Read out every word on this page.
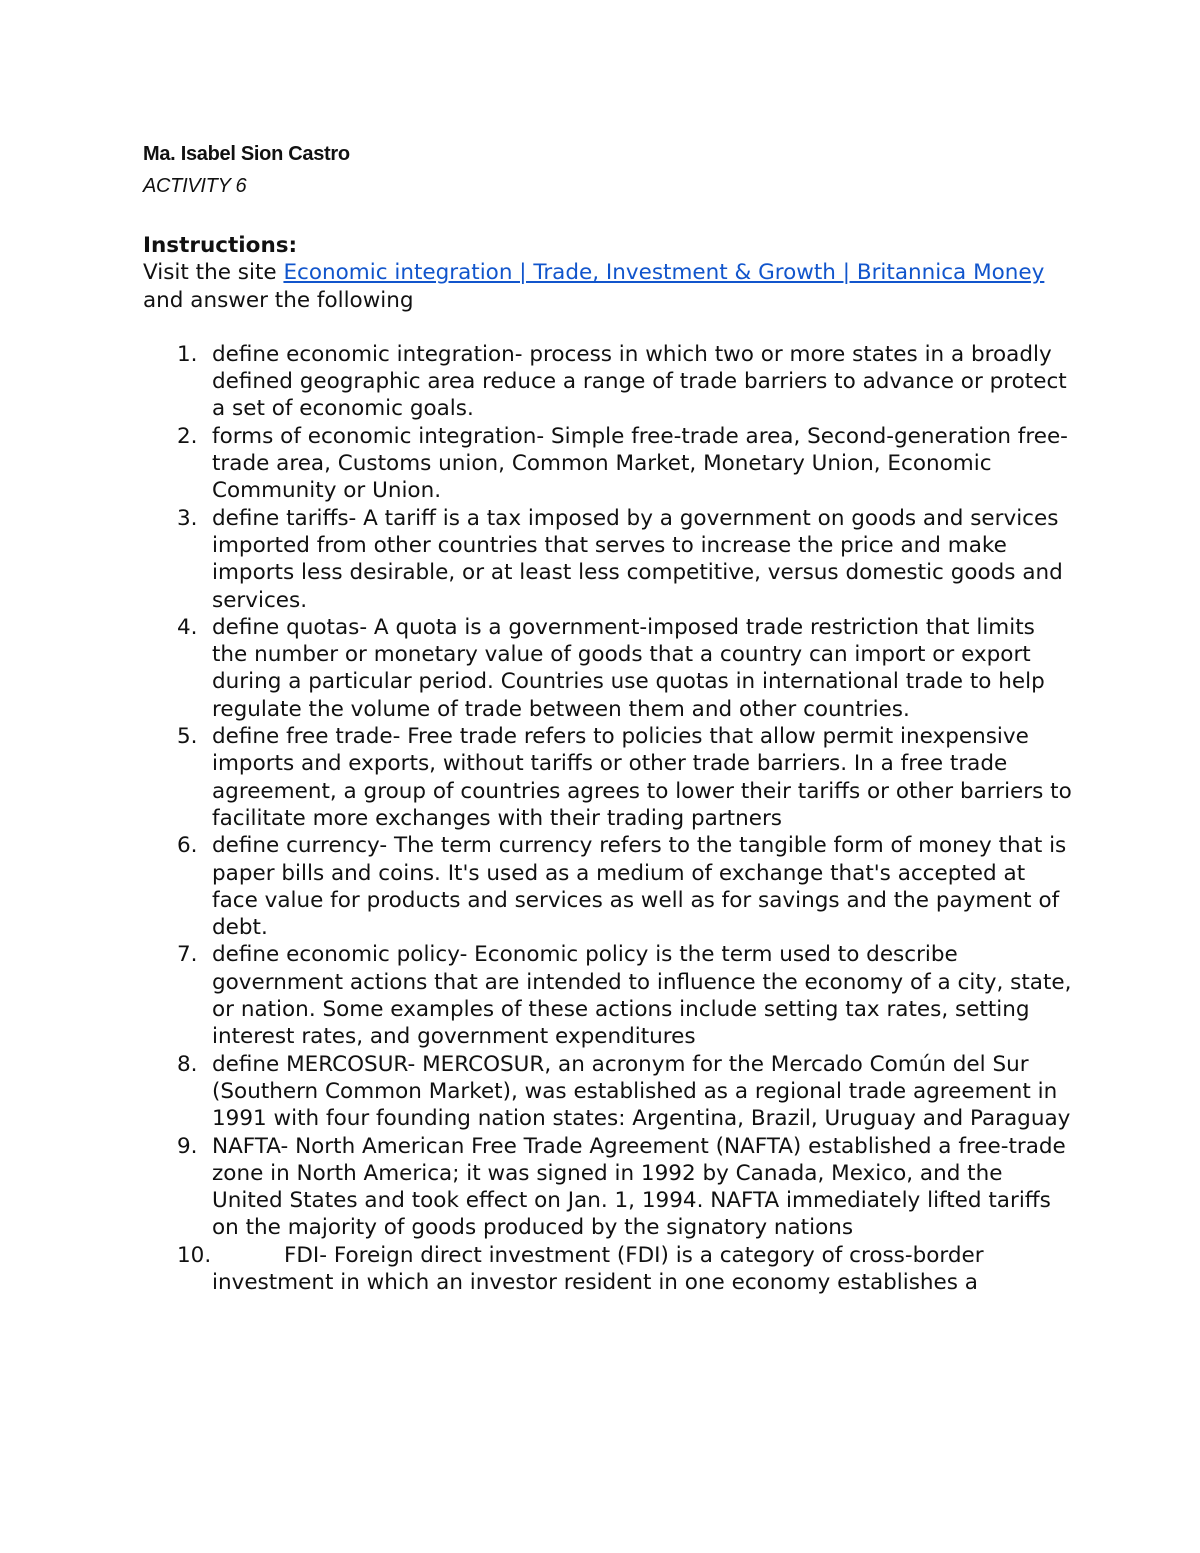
Ma. Isabel Sion Castro
ACTIVITY 6

Instructions:

Visit the site Economic integration | Trade, Investment & Growth | Britannica Money and answer the following

1. define economic integration- process in which two or more states in a broadly defined geographic area reduce a range of trade barriers to advance or protect a set of economic goals.
2. forms of economic integration- Simple free-trade area, Second-generation free-trade area, Customs union, Common Market, Monetary Union, Economic Community or Union.
3. define tariffs- A tariff is a tax imposed by a government on goods and services imported from other countries that serves to increase the price and make imports less desirable, or at least less competitive, versus domestic goods and services.
4. define quotas- A quota is a government-imposed trade restriction that limits the number or monetary value of goods that a country can import or export during a particular period. Countries use quotas in international trade to help regulate the volume of trade between them and other countries.
5. define free trade- Free trade refers to policies that allow permit inexpensive imports and exports, without tariffs or other trade barriers. In a free trade agreement, a group of countries agrees to lower their tariffs or other barriers to facilitate more exchanges with their trading partners
6. define currency- The term currency refers to the tangible form of money that is paper bills and coins. It's used as a medium of exchange that's accepted at face value for products and services as well as for savings and the payment of debt.
7. define economic policy- Economic policy is the term used to describe government actions that are intended to influence the economy of a city, state, or nation. Some examples of these actions include setting tax rates, setting interest rates, and government expenditures
8. define MERCOSUR- MERCOSUR, an acronym for the Mercado Común del Sur (Southern Common Market), was established as a regional trade agreement in 1991 with four founding nation states: Argentina, Brazil, Uruguay and Paraguay
9. NAFTA- North American Free Trade Agreement (NAFTA) established a free-trade zone in North America; it was signed in 1992 by Canada, Mexico, and the United States and took effect on Jan. 1, 1994. NAFTA immediately lifted tariffs on the majority of goods produced by the signatory nations
10.	FDI- Foreign direct investment (FDI) is a category of cross-border investment in which an investor resident in one economy establishes a
